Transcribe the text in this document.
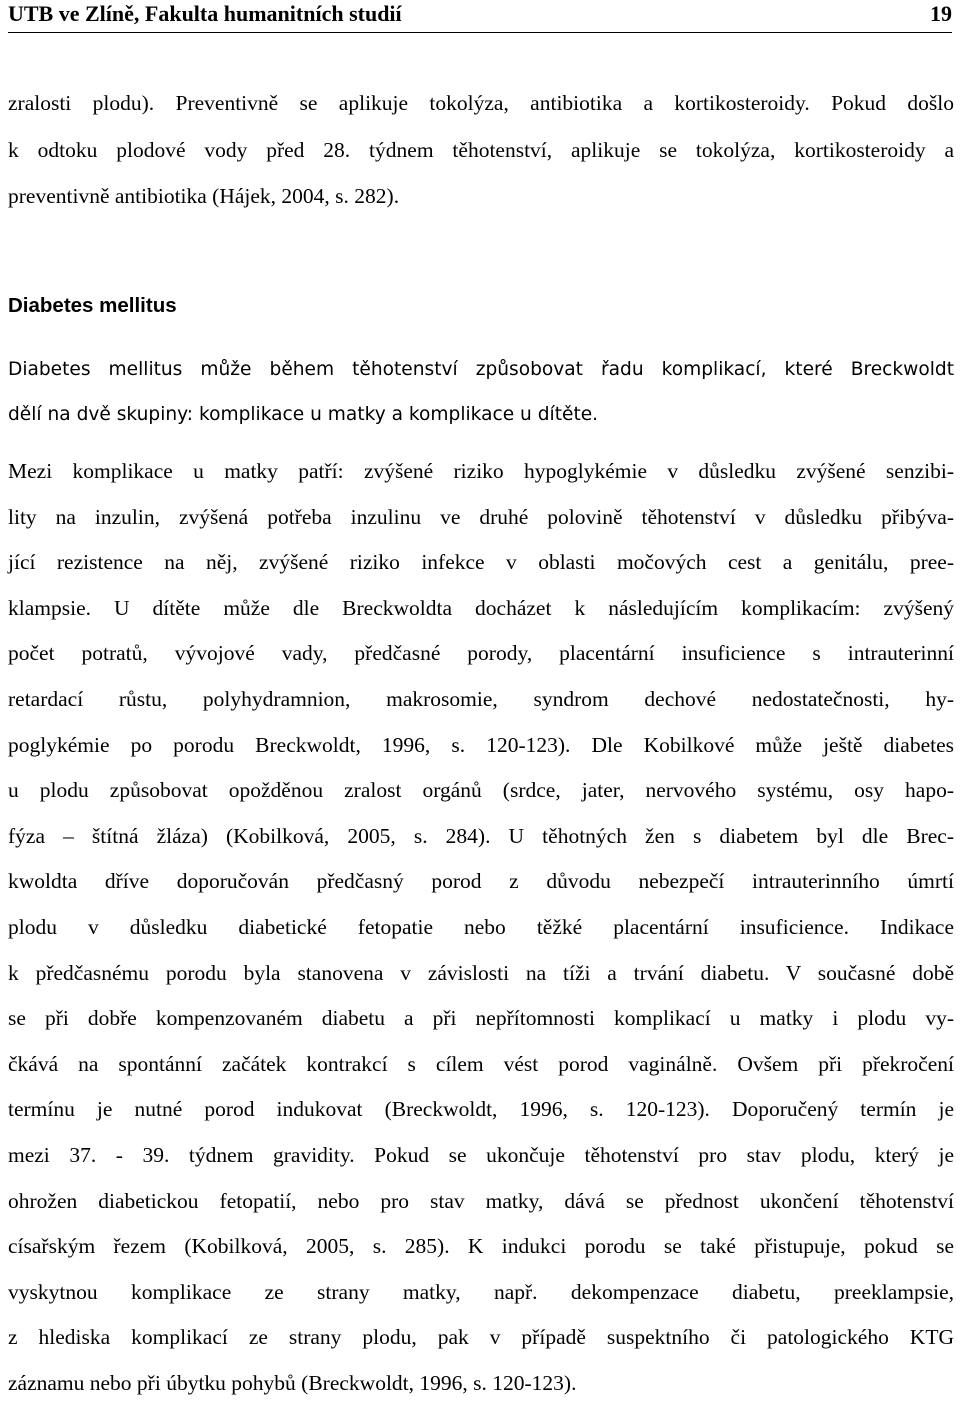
UTB ve Zlíně, Fakulta humanitních studií	19
zralosti plodu). Preventivně se aplikuje tokolýza, antibiotika a kortikosteroidy. Pokud došlo
k odtoku plodové vody před 28. týdnem těhotenství, aplikuje se tokolýza, kortikosteroidy a
preventivně antibiotika (Hájek, 2004, s. 282).
Diabetes mellitus
Diabetes mellitus může během těhotenství způsobovat řadu komplikací, které Breckwoldt
dělí na dvě skupiny: komplikace u matky a komplikace u dítěte.
Mezi komplikace u matky patří: zvýšené riziko hypoglykémie v důsledku zvýšené senzibi-
lity na inzulin, zvýšená potřeba inzulinu ve druhé polovině těhotenství v důsledku přibýva-
jící rezistence na něj, zvýšené riziko infekce v oblasti močových cest a genitálu, pree-
klampsie. U dítěte může dle Breckwoldta docházet k následujícím komplikacím: zvýšený
počet potratů, vývojové vady, předčasné porody, placentární insuficience s intrauterinní
retardací růstu, polyhydramnion, makrosomie, syndrom dechové nedostatečnosti, hy-
poglykémie po porodu Breckwoldt, 1996, s. 120-123). Dle Kobilkové může ještě diabetes
u plodu způsobovat opožděnou zralost orgánů (srdce, jater, nervového systému, osy hapo-
fýza – štítná žláza) (Kobilková, 2005, s. 284). U těhotných žen s diabetem byl dle Brec-
kwoldta dříve doporučován předčasný porod z důvodu nebezpečí intrauterinního úmrtí
plodu v důsledku diabetické fetopatie nebo těžké placentární insuficience. Indikace
k předčasnému porodu byla stanovena v závislosti na tíži a trvání diabetu. V současné době
se při dobře kompenzovaném diabetu a při nepřítomnosti komplikací u matky i plodu vy-
čkává na spontánní začátek kontrakcí s cílem vést porod vaginálně. Ovšem při překročení
termínu je nutné porod indukovat (Breckwoldt, 1996, s. 120-123). Doporučený termín je
mezi 37. - 39. týdnem gravidity. Pokud se ukončuje těhotenství pro stav plodu, který je
ohrožen diabetickou fetopatií, nebo pro stav matky, dává se přednost ukončení těhotenství
císařským řezem (Kobilková, 2005, s. 285). K indukci porodu se také přistupuje, pokud se
vyskytnou komplikace ze strany matky, např. dekompenzace diabetu, preeklampsie,
z hlediska komplikací ze strany plodu, pak v případě suspektního či patologického KTG
záznamu nebo při úbytku pohybů (Breckwoldt, 1996, s. 120-123).
